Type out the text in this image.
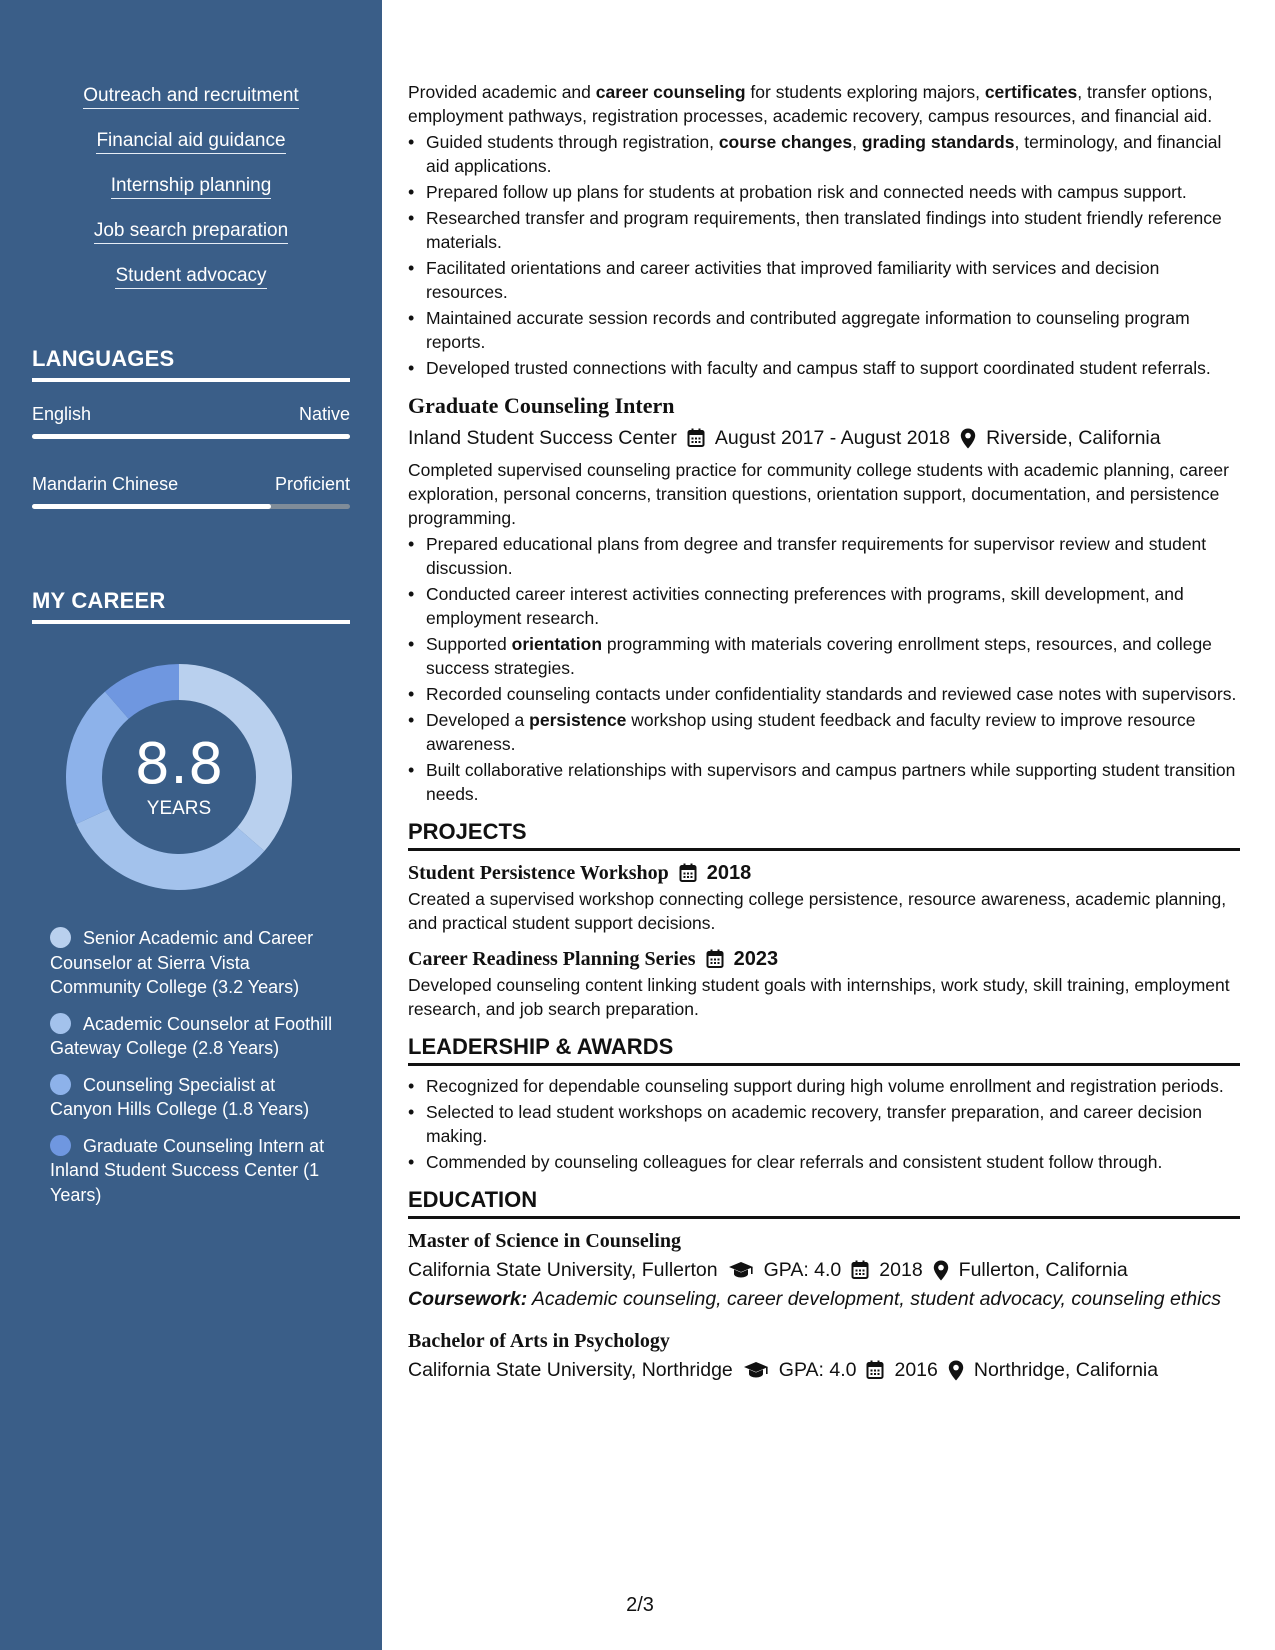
Outreach and recruitment
Financial aid guidance
Internship planning
Job search preparation
Student advocacy
LANGUAGES
English	Native
Mandarin Chinese	Proficient
MY CAREER
8.8
YEARS
Senior Academic and Career Counselor at Sierra Vista Community College (3.2 Years)
Academic Counselor at Foothill Gateway College (2.8 Years)
Counseling Specialist at Canyon Hills College (1.8 Years)
Graduate Counseling Intern at Inland Student Success Center (1 Years)

Provided academic and career counseling for students exploring majors, certificates, transfer options, employment pathways, registration processes, academic recovery, campus resources, and financial aid.

• Guided students through registration, course changes, grading standards, terminology, and financial aid applications.
• Prepared follow up plans for students at probation risk and connected needs with campus support.
• Researched transfer and program requirements, then translated findings into student friendly reference materials.
• Facilitated orientations and career activities that improved familiarity with services and decision resources.
• Maintained accurate session records and contributed aggregate information to counseling program reports.
• Developed trusted connections with faculty and campus staff to support coordinated student referrals.
Graduate Counseling Intern
Inland Student Success Center August 2017 - August 2018 Riverside, California

Completed supervised counseling practice for community college students with academic planning, career exploration, personal concerns, transition questions, orientation support, documentation, and persistence programming.

• Prepared educational plans from degree and transfer requirements for supervisor review and student discussion.
• Conducted career interest activities connecting preferences with programs, skill development, and employment research.
• Supported orientation programming with materials covering enrollment steps, resources, and college success strategies.
• Recorded counseling contacts under confidentiality standards and reviewed case notes with supervisors.
• Developed a persistence workshop using student feedback and faculty review to improve resource awareness.
• Built collaborative relationships with supervisors and campus partners while supporting student transition needs.
PROJECTS
Student Persistence Workshop 2018

Created a supervised workshop connecting college persistence, resource awareness, academic planning, and practical student support decisions.

Career Readiness Planning Series 2023

Developed counseling content linking student goals with internships, work study, skill training, employment research, and job search preparation.

LEADERSHIP & AWARDS
• Recognized for dependable counseling support during high volume enrollment and registration periods.
• Selected to lead student workshops on academic recovery, transfer preparation, and career decision making.
• Commended by counseling colleagues for clear referrals and consistent student follow through.
EDUCATION
Master of Science in Counseling
California State University, Fullerton GPA: 4.0 2018 Fullerton, California

Coursework: Academic counseling, career development, student advocacy, counseling ethics

Bachelor of Arts in Psychology
California State University, Northridge GPA: 4.0 2016 Northridge, California
2/3
